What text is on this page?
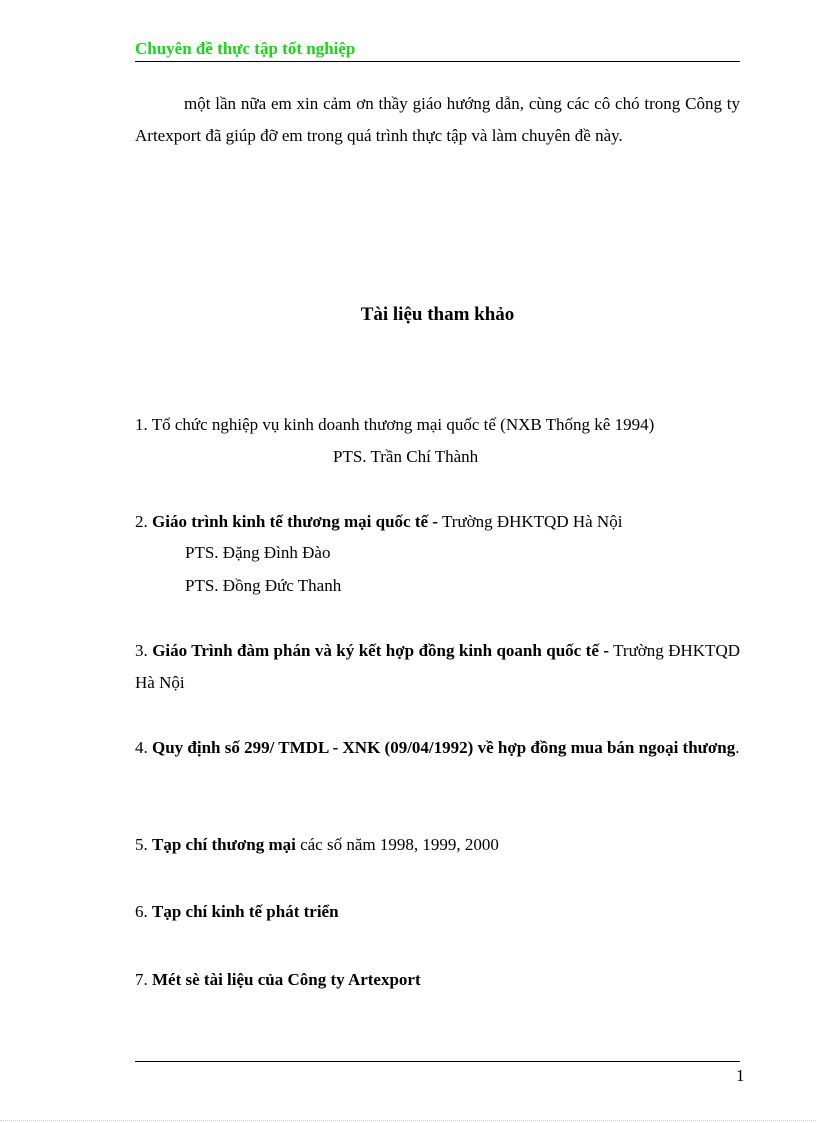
Chuyên đề thực tập tốt nghiệp

một lần nữa em xin cảm ơn thầy giáo hướng dẫn, cùng các cô chó trong Công ty Artexport đã giúp đỡ em trong quá trình thực tập và làm chuyên đề này.

Tài liệu tham khảo

1. Tổ chức nghiệp vụ kinh doanh thương mại quốc tế (NXB Thống kê 1994)

PTS. Trần Chí Thành

2. Giáo trình kinh tế thương mại quốc tế - Trường ĐHKTQD Hà Nội

PTS. Đặng Đình Đào
PTS. Đồng Đức Thanh

3. Giáo Trình đàm phán và ký kết hợp đồng kinh qoanh quốc tế - Trường ĐHKTQD Hà Nội

4. Quy định số 299/ TMDL - XNK (09/04/1992) về hợp đồng mua bán ngoại thương.

5. Tạp chí thương mại các số năm 1998, 1999, 2000

6. Tạp chí kinh tế phát triển

7. Mét sè tài liệu của Công ty Artexport

1
